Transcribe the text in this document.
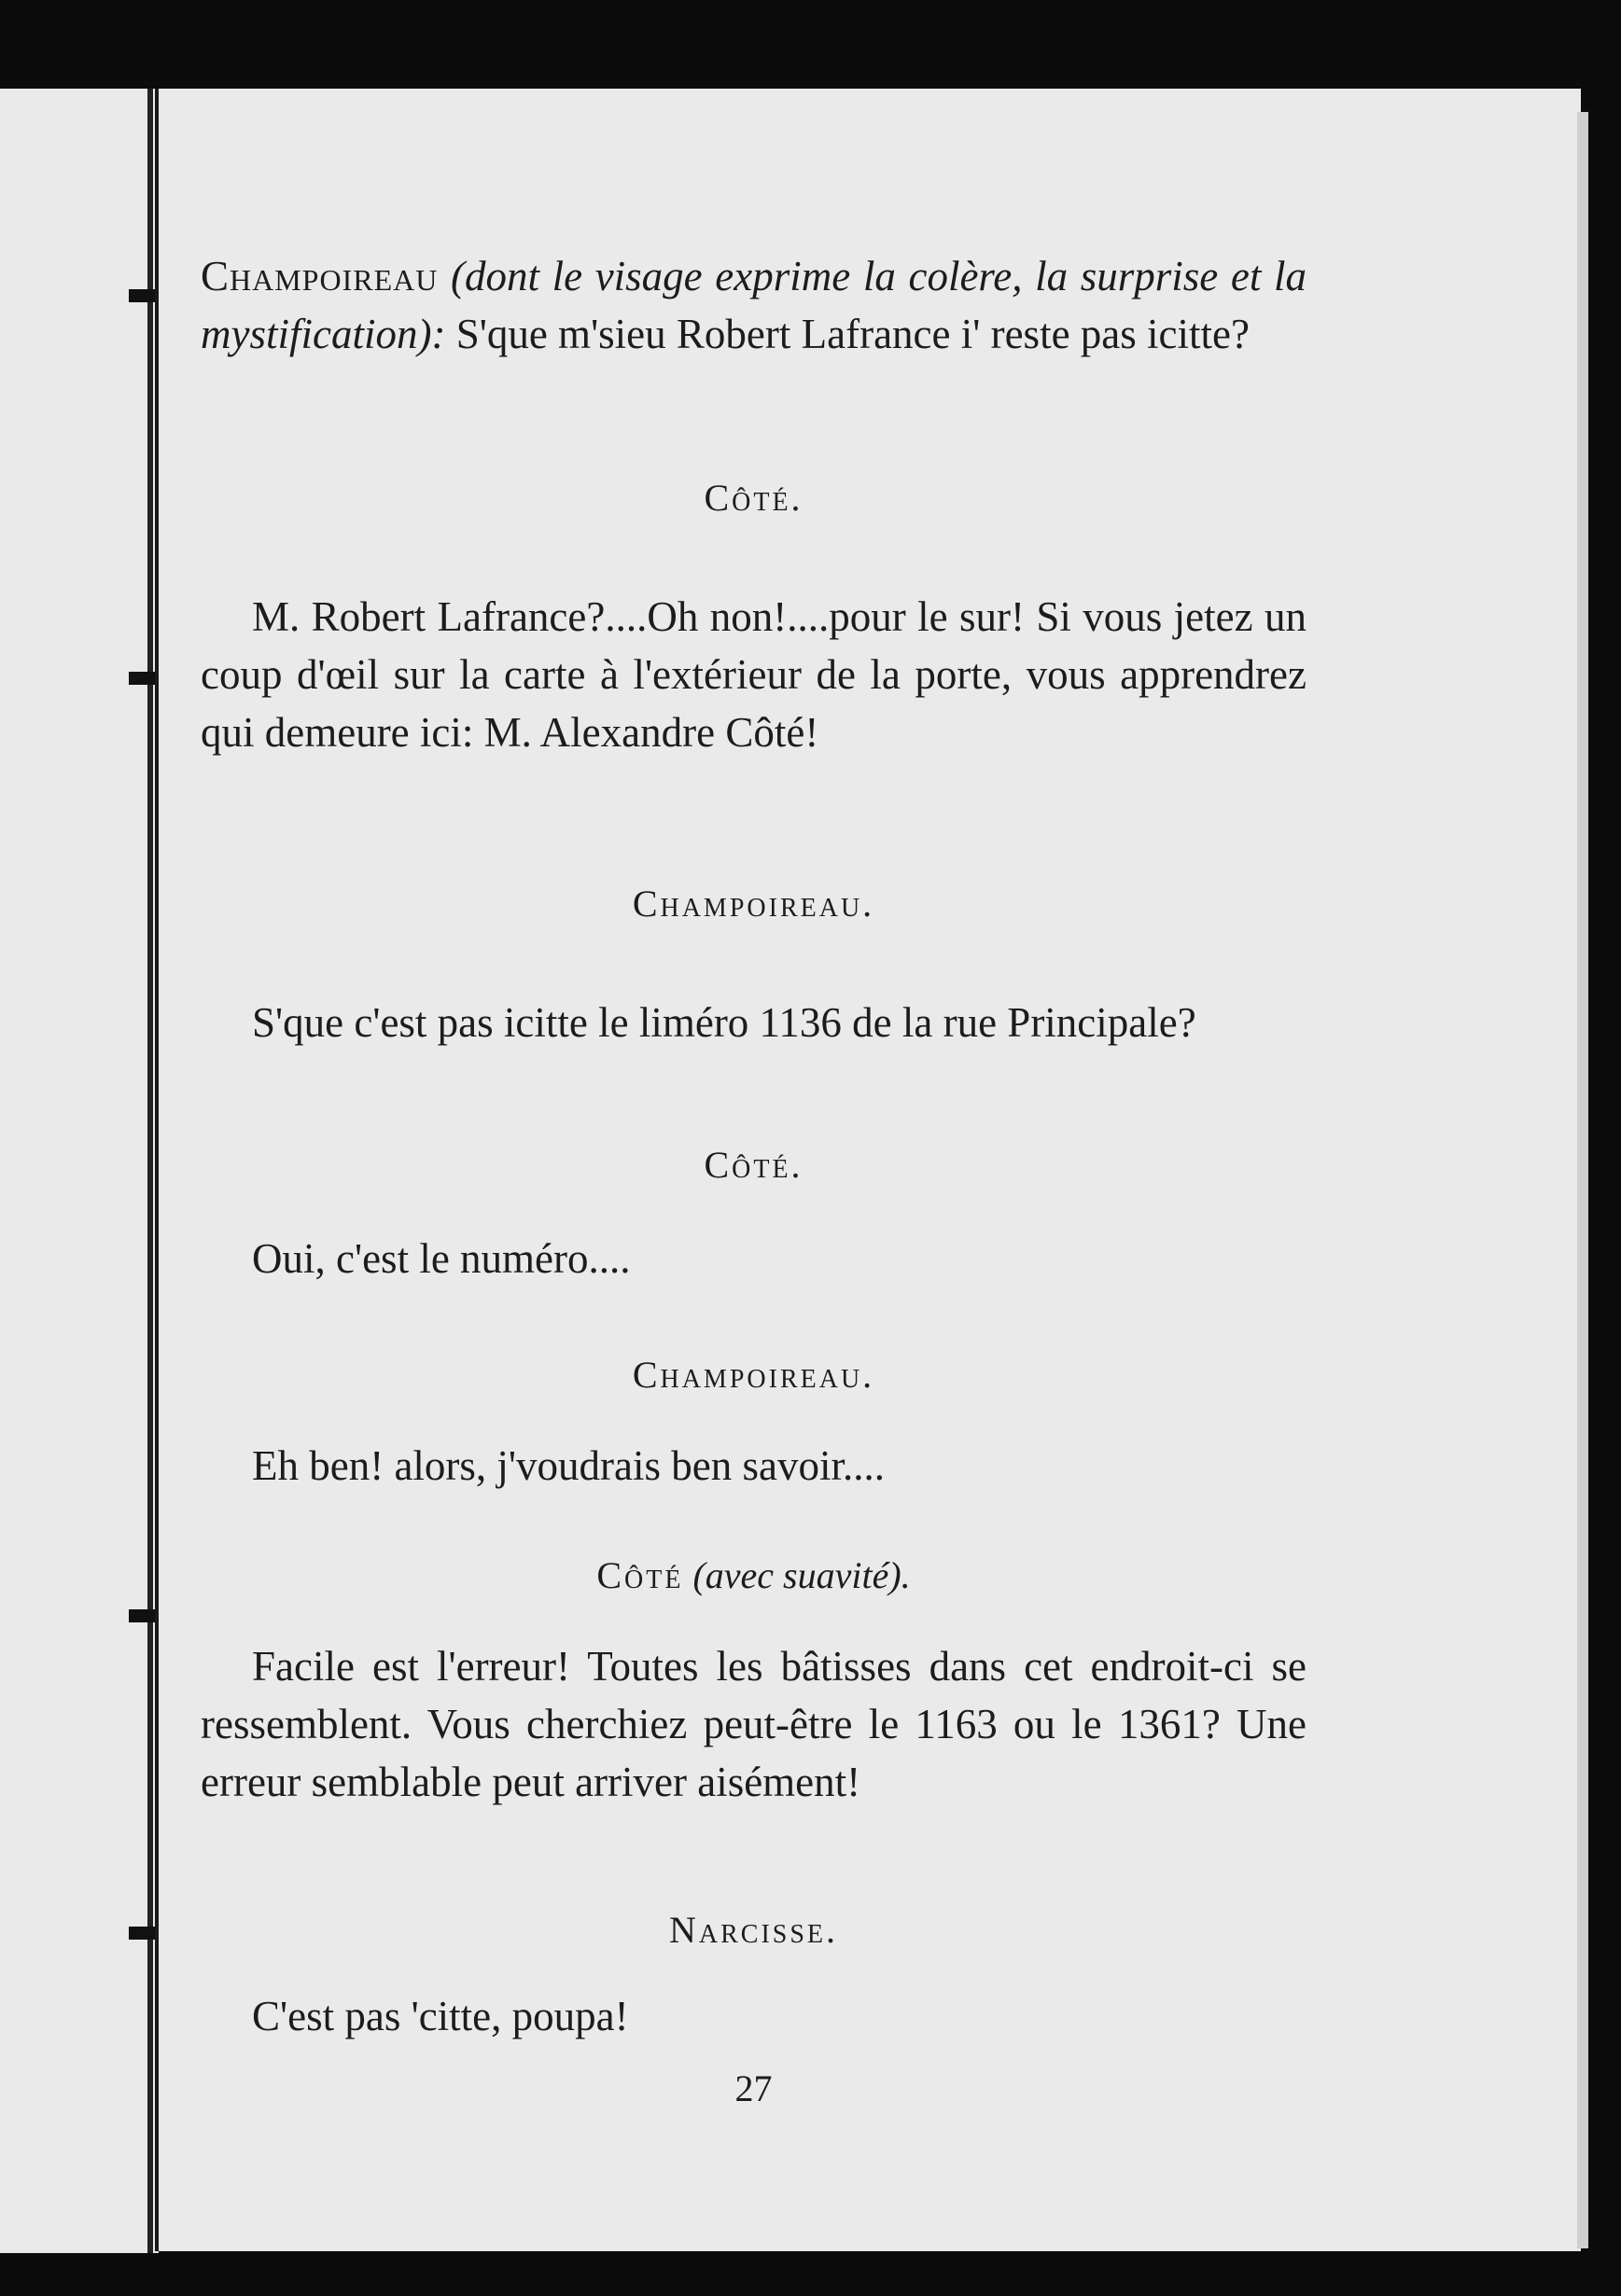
Champoireau (dont le visage exprime la colère, la surprise et la mystification): S'que m'sieu Robert Lafrance i' reste pas icitte?

Côté.

M. Robert Lafrance?....Oh non!....pour le sur! Si vous jetez un coup d'œil sur la carte à l'extérieur de la porte, vous apprendrez qui demeure ici: M. Alexandre Côté!

Champoireau.

S'que c'est pas icitte le liméro 1136 de la rue Principale?

Côté.

Oui, c'est le numéro....

Champoireau.

Eh ben! alors, j'voudrais ben savoir....

Côté (avec suavité).

Facile est l'erreur! Toutes les bâtisses dans cet endroit-ci se ressemblent. Vous cherchiez peut-être le 1163 ou le 1361? Une erreur semblable peut arriver aisément!

Narcisse.

C'est pas 'citte, poupa!

27
